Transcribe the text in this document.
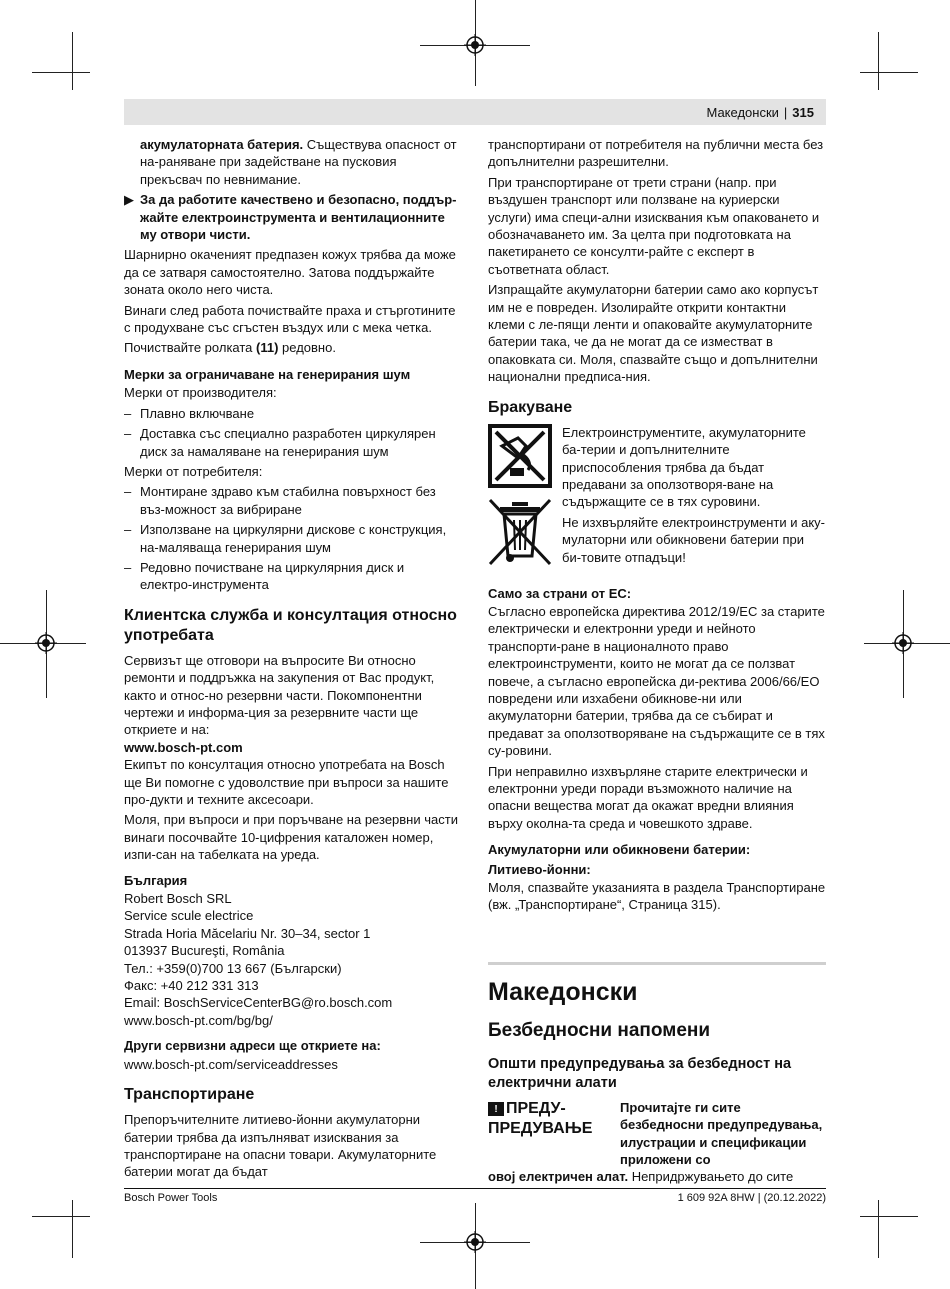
Македонски | 315

акумулаторната батерия. Съществува опасност от на-раняване при задействане на пусковия прекъсвач по невнимание.

▶ За да работите качествено и безопасно, поддър-жайте електроинструмента и вентилационните му отвори чисти.

Шарнирно окачeният предпазен кожух трябва да може да се затваря самостоятелно. Затова поддържайте зоната около него чиста.

Винаги след работа почиствайте праха и стърготините с продухване със сгъстен въздух или с мека четка.

Почиствайте ролката (11) редовно.

Мерки за ограничаване на генерирания шум

Мерки от производителя:

– Плавно включване
– Доставка със специално разработен циркулярен диск за намаляване на генерирания шум

Мерки от потребителя:

– Монтиране здраво към стабилна повърхност без въз-можност за вибриране
– Използване на циркулярни дискове с конструкция, на-маляваща генерирания шум
– Редовно почистване на циркулярния диск и електро-инструмента
Клиентска служба и консултация относно употребата

Сервизът ще отговори на въпросите Ви относно ремонти и поддръжка на закупения от Вас продукт, както и относ-но резервни части. Покомпонентни чертежи и информа-ция за резервните части ще откриете и на:

www.bosch-pt.com

Екипът по консултация относно употребата на Bosch ще Ви помогне с удоволствие при въпроси за нашите про-дукти и техните аксесоари.

Моля, при въпроси и при поръчване на резервни части винаги посочвайте 10-цифрения каталожен номер, изпи-сан на табелката на уреда.

България
Robert Bosch SRL
Service scule electrice
Strada Horia Măcelariu Nr. 30–34, sector 1
013937 Bucureşti, România
Тел.: +359(0)700 13 667 (Български)
Факс: +40 212 331 313
Email: BoschServiceCenterBG@ro.bosch.com
www.bosch-pt.com/bg/bg/
Други сервизни адреси ще откриете на:

www.bosch-pt.com/serviceaddresses

Транспортиране

Препоръчителните литиево-йонни акумулаторни батерии трябва да изпълняват изисквания за транспортиране на опасни товари. Акумулаторните батерии могат да бъдат

транспортирани от потребителя на публични места без допълнителни разрешителни.

При транспортиране от трети страни (напр. при въздушен транспорт или ползване на куриерски услуги) има специ-ални изисквания към опаковането и обозначаването им. За целта при подготовката на пакетирането се консулти-райте с експерт в съответната област.

Изпращайте акумулаторни батерии само ако корпусът им не е повреден. Изолирайте открити контактни клеми с ле-пящи ленти и опаковайте акумулаторните батерии така, че да не могат да се изместват в опаковката си. Моля, спазвайте също и допълнителни национални предписа-ния.

Бракуване

Електроинструментите, акумулаторните ба-терии и допълнителните приспособления трябва да бъдат предавани за оползотворя-ване на съдържащите се в тях суровини.

Не изхвърляйте електроинструменти и аку-мулаторни или обикновени батерии при би-товите отпадъци!

Само за страни от ЕС:

Съгласно европейска директива 2012/19/ЕС за старите електрически и електронни уреди и нейното транспорти-ране в националното право електроинструменти, които не могат да се ползват повече, а съгласно европейска ди-ректива 2006/66/ЕО повредени или изхабени обикнове-ни или акумулаторни батерии, трябва да се събират и предават за оползотворяване на съдържащите се в тях су-ровини.

При неправилно изхвърляне старите електрически и електронни уреди поради възможното наличие на опасни вещества могат да окажат вредни влияния върху околна-та среда и човешкото здраве.

Акумулаторни или обикновени батерии:
Литиево-йонни:

Моля, спазвайте указанията в раздела Транспортиране (вж. „Транспортиране“, Страница 315).

Македонски
Безбедносни напомени
Општи предупредувања за безбедност на електрични алати
! ПРЕДУ-ПРЕДУВАЊЕ
Прочитајте ги сите безбедносни предупредувања, илустрации и спецификации приложени со

овој електричен алат. Непридржувањето до сите

Bosch Power Tools	1 609 92A 8HW | (20.12.2022)
